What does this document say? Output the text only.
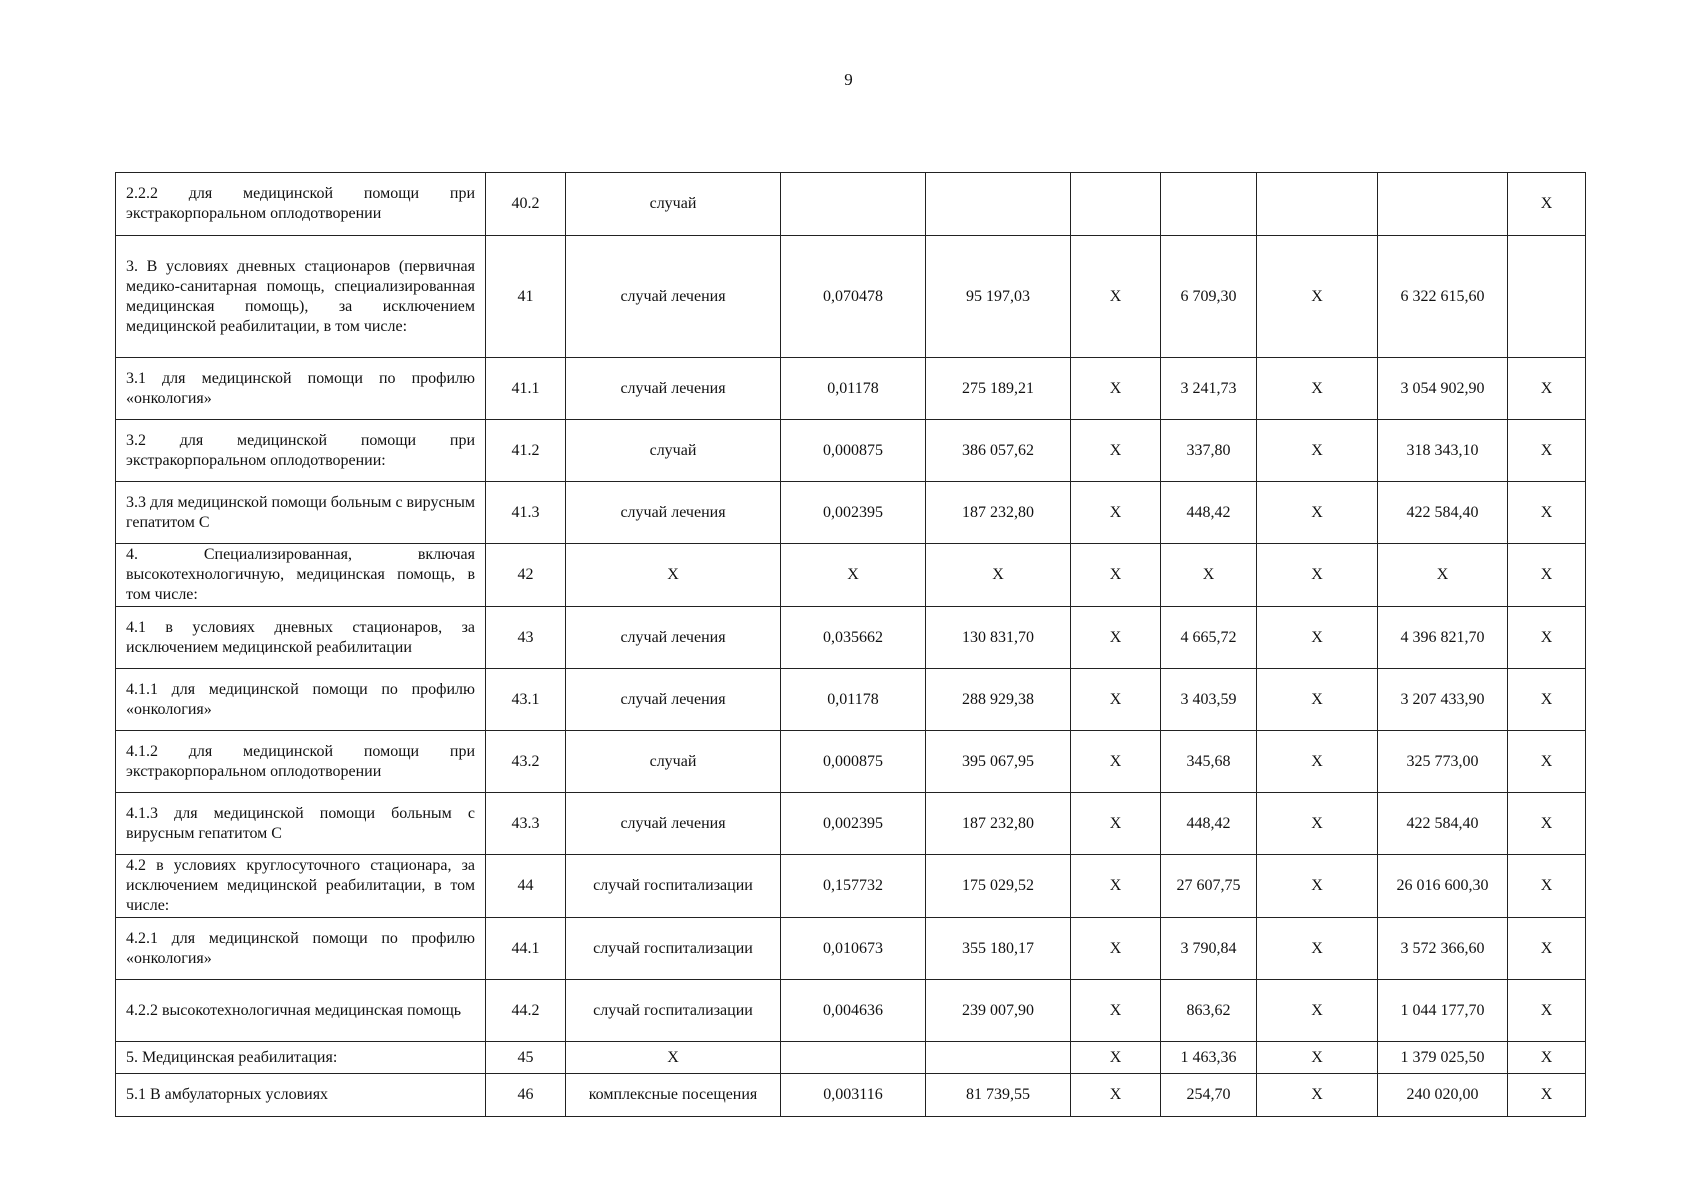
9
2.2.2 для медицинской помощи при экстракорпоральном оплодотворении	40.2	случай							X
3. В условиях дневных стационаров (первичная медико-санитарная помощь, специализированная медицинская помощь), за исключением медицинской реабилитации, в том числе:	41	случай лечения	0,070478	95 197,03	X	6 709,30	X	6 322 615,60	
3.1 для медицинской помощи по профилю «онкология»	41.1	случай лечения	0,01178	275 189,21	X	3 241,73	X	3 054 902,90	X
3.2 для медицинской помощи при экстракорпоральном оплодотворении:	41.2	случай	0,000875	386 057,62	X	337,80	X	318 343,10	X
3.3 для медицинской помощи больным с вирусным гепатитом С	41.3	случай лечения	0,002395	187 232,80	X	448,42	X	422 584,40	X
4. Специализированная, включая высокотехнологичную, медицинская помощь, в том числе:	42	X	X	X	X	X	X	X	X
4.1 в условиях дневных стационаров, за исключением медицинской реабилитации	43	случай лечения	0,035662	130 831,70	X	4 665,72	X	4 396 821,70	X
4.1.1 для медицинской помощи по профилю «онкология»	43.1	случай лечения	0,01178	288 929,38	X	3 403,59	X	3 207 433,90	X
4.1.2 для медицинской помощи при экстракорпоральном оплодотворении	43.2	случай	0,000875	395 067,95	X	345,68	X	325 773,00	X
4.1.3 для медицинской помощи больным с вирусным гепатитом С	43.3	случай лечения	0,002395	187 232,80	X	448,42	X	422 584,40	X
4.2 в условиях круглосуточного стационара, за исключением медицинской реабилитации, в том числе:	44	случай госпитализации	0,157732	175 029,52	X	27 607,75	X	26 016 600,30	X
4.2.1 для медицинской помощи по профилю «онкология»	44.1	случай госпитализации	0,010673	355 180,17	X	3 790,84	X	3 572 366,60	X
4.2.2 высокотехнологичная медицинская помощь	44.2	случай госпитализации	0,004636	239 007,90	X	863,62	X	1 044 177,70	X
5. Медицинская реабилитация:	45	X			X	1 463,36	X	1 379 025,50	X
5.1 В амбулаторных условиях	46	комплексные посещения	0,003116	81 739,55	X	254,70	X	240 020,00	X
